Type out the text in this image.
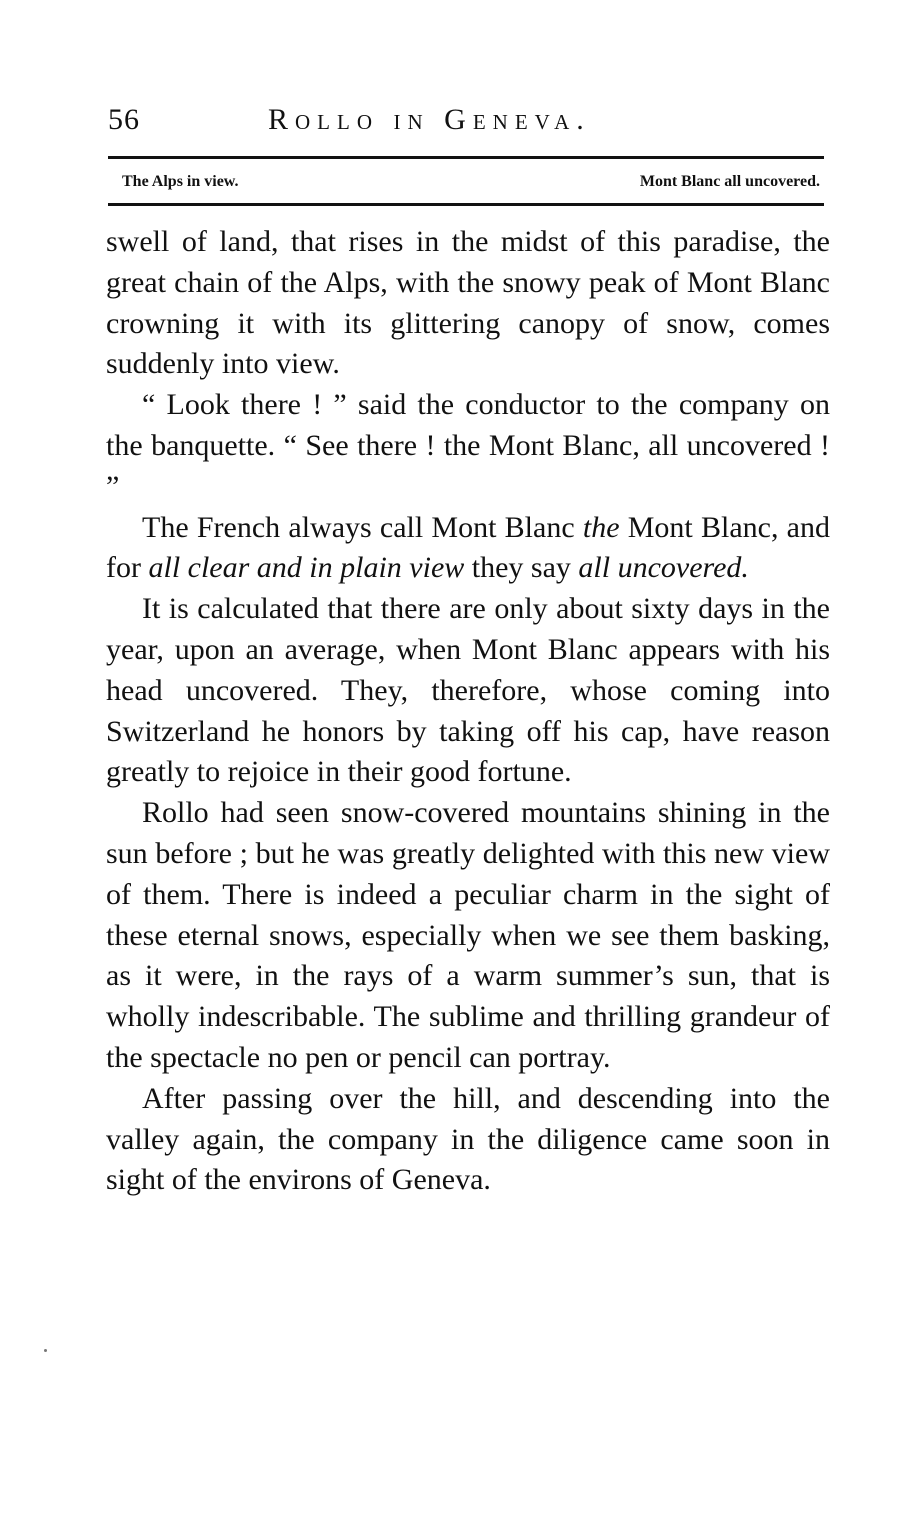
56	Rollo in Geneva.
The Alps in view.	Mont Blanc all uncovered.

swell of land, that rises in the midst of this paradise, the great chain of the Alps, with the snowy peak of Mont Blanc crowning it with its glittering canopy of snow, comes suddenly into view.

“ Look there ! ” said the conductor to the company on the banquette. “ See there ! the Mont Blanc, all uncovered ! ”

The French always call Mont Blanc the Mont Blanc, and for all clear and in plain view they say all uncovered.

It is calculated that there are only about sixty days in the year, upon an average, when Mont Blanc appears with his head uncovered. They, therefore, whose coming into Switzerland he honors by taking off his cap, have reason greatly to rejoice in their good fortune.

Rollo had seen snow-covered mountains shining in the sun before ; but he was greatly delighted with this new view of them. There is indeed a peculiar charm in the sight of these eternal snows, especially when we see them basking, as it were, in the rays of a warm summer’s sun, that is wholly indescribable. The sublime and thrilling grandeur of the spectacle no pen or pencil can portray.

After passing over the hill, and descending into the valley again, the company in the diligence came soon in sight of the environs of Geneva.
